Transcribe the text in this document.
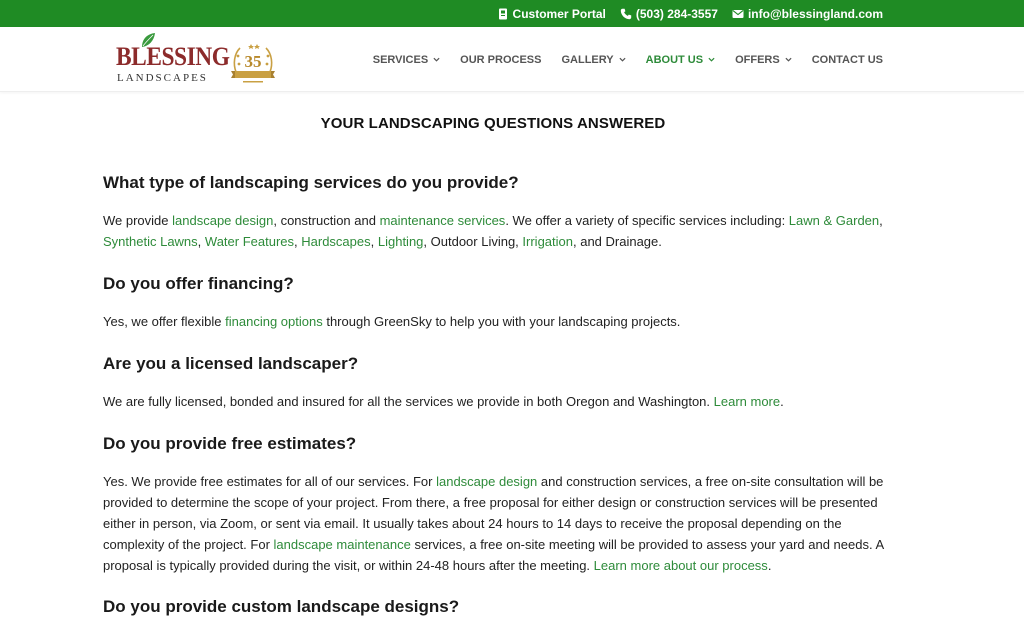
Customer Portal	(503) 284-3557	info@blessingland.com
BLESSING
LANDSCAPES
35	SERVICES	OUR PROCESS GALLERY	ABOUT US	OFFERS	CONTACT US
YOUR LANDSCAPING QUESTIONS ANSWERED
What type of landscaping services do you provide?

We provide landscape design, construction and maintenance services. We offer a variety of specific services including: Lawn & Garden, Synthetic Lawns, Water Features, Hardscapes, Lighting, Outdoor Living, Irrigation, and Drainage.

Do you offer financing?

Yes, we offer flexible financing options through GreenSky to help you with your landscaping projects.

Are you a licensed landscaper?

We are fully licensed, bonded and insured for all the services we provide in both Oregon and Washington. Learn more.

Do you provide free estimates?

Yes. We provide free estimates for all of our services. For landscape design and construction services, a free on-site consultation will be provided to determine the scope of your project. From there, a free proposal for either design or construction services will be presented either in person, via Zoom, or sent via email. It usually takes about 24 hours to 14 days to receive the proposal depending on the complexity of the project. For landscape maintenance services, a free on-site meeting will be provided to assess your yard and needs. A proposal is typically provided during the visit, or within 24-48 hours after the meeting. Learn more about our process.

Do you provide custom landscape designs?
